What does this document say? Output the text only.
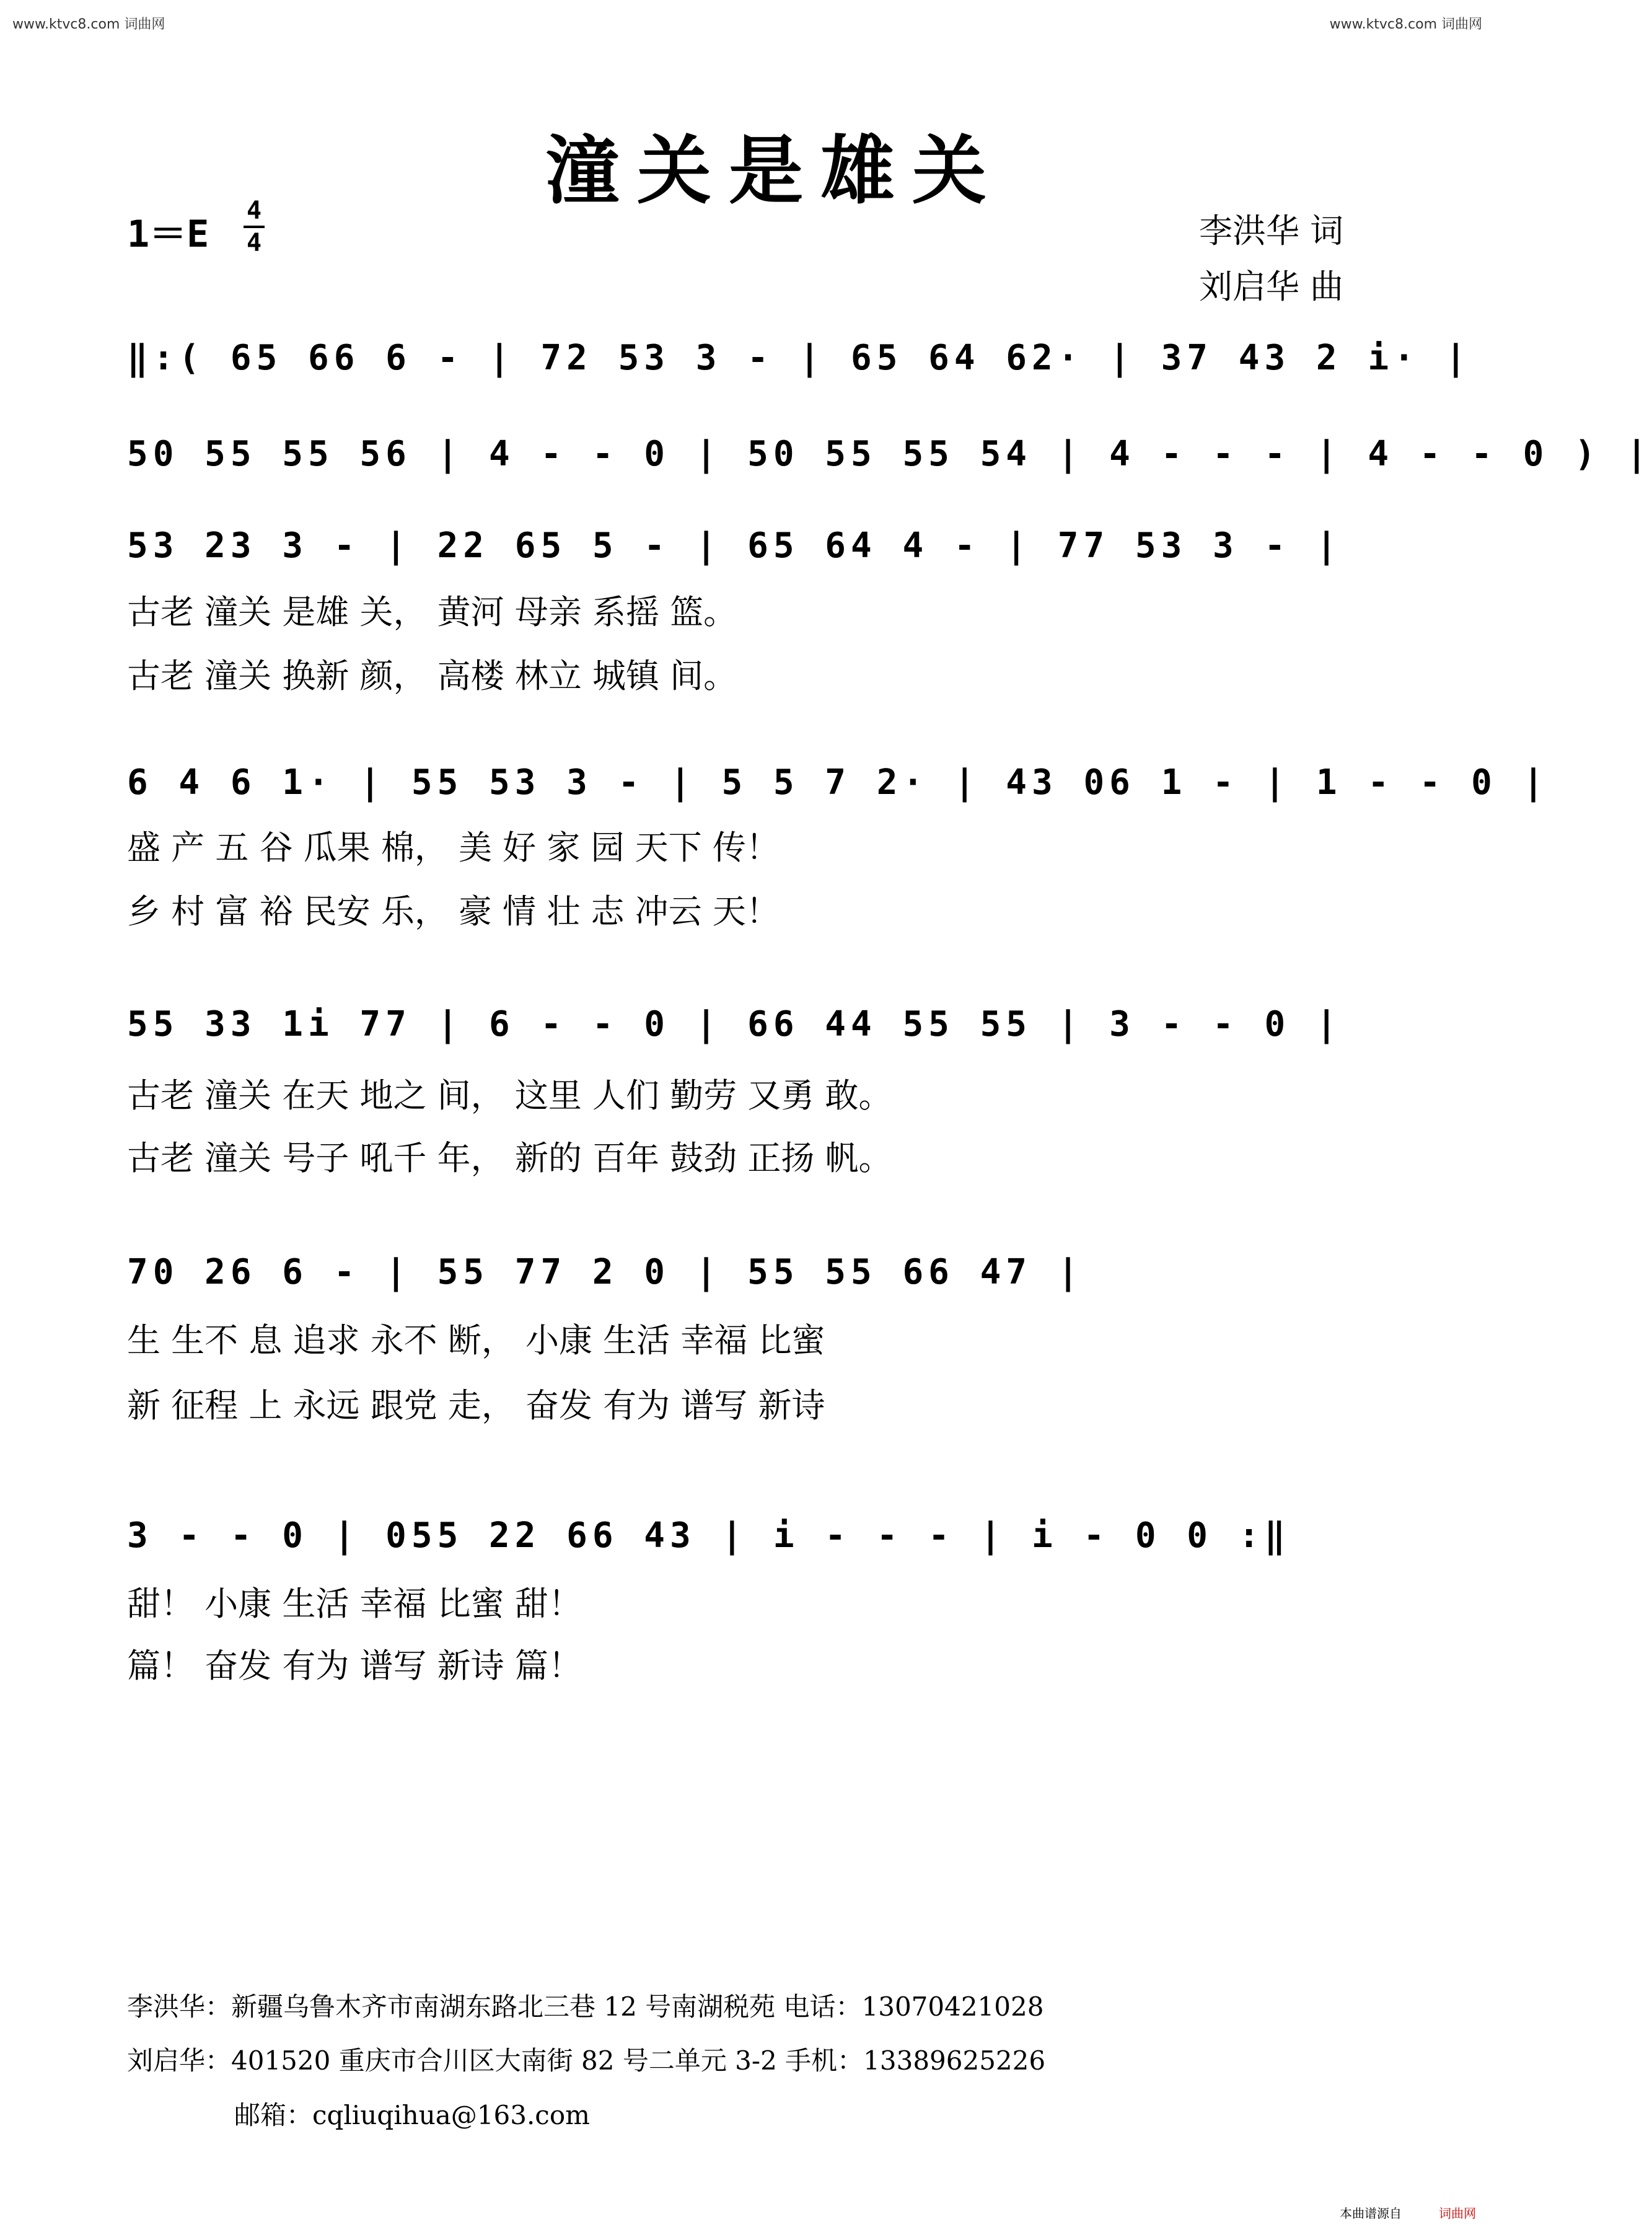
www.ktvc8.com 词曲网	www.ktvc8.com 词曲网
潼关是雄关
1＝E
4
4	李洪华 词
刘启华 曲
‖:( 65 66 6 - | 72 53 3 - | 65 64 62· | 37 43 2 i· |
50 55 55 56 | 4 - - 0 | 50 55 55 54 | 4 - - - | 4 - - 0 ) |
53 23 3 - | 22 65 5 - | 65 64 4 - | 77 53 3 - |
古老 潼关 是雄 关， 黄河 母亲 系摇 篮。
古老 潼关 换新 颜， 高楼 林立 城镇 间。
6 4 6 1· | 55 53 3 - | 5 5 7 2· | 43 06 1 - | 1 - - 0 |
盛 产 五 谷 瓜果 棉， 美 好 家 园 天下 传！
乡 村 富 裕 民安 乐， 豪 情 壮 志 冲云 天！
55 33 1i 77 | 6 - - 0 | 66 44 55 55 | 3 - - 0 |
古老 潼关 在天 地之 间， 这里 人们 勤劳 又勇 敢。
古老 潼关 号子 吼千 年， 新的 百年 鼓劲 正扬 帆。
70 26 6 - | 55 77 2 0 | 55 55 66 47 |
生 生不 息 追求 永不 断， 小康 生活 幸福 比蜜
新 征程 上 永远 跟党 走， 奋发 有为 谱写 新诗
3 - - 0 | 055 22 66 43 | i - - - | i - 0 0 :‖
甜！ 小康 生活 幸福 比蜜 甜！
篇！ 奋发 有为 谱写 新诗 篇！
李洪华：新疆乌鲁木齐市南湖东路北三巷 12 号南湖税苑 电话：13070421028
刘启华：401520 重庆市合川区大南街 82 号二单元 3-2 手机：13389625226
邮箱：cqliuqihua@163.com
本曲谱源自	词曲网
